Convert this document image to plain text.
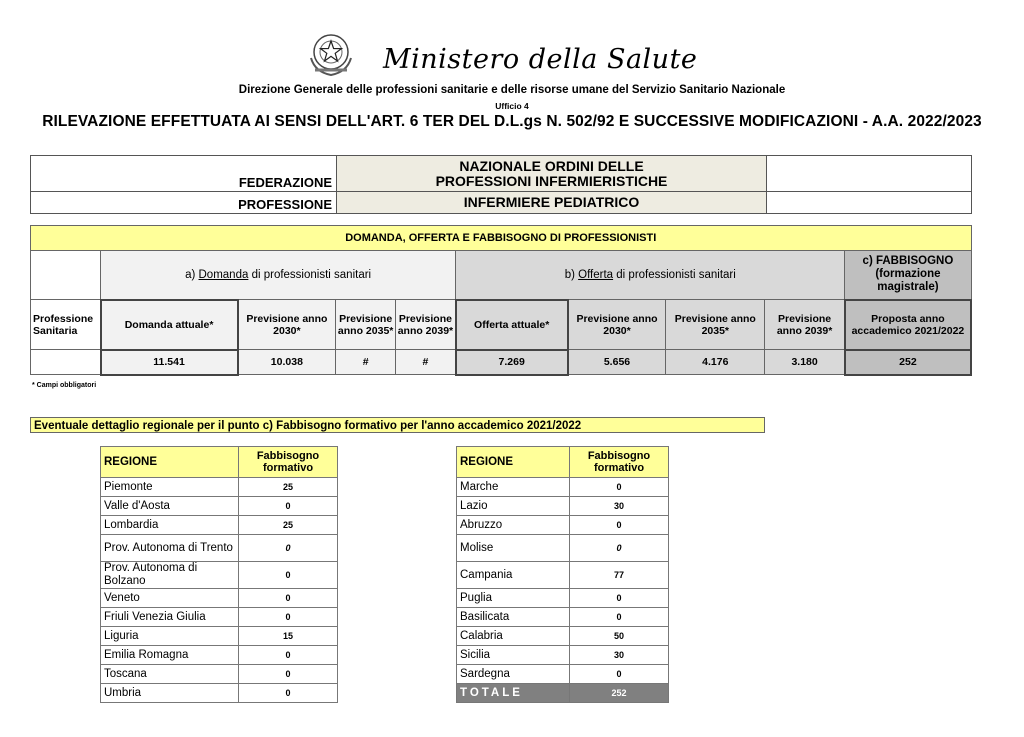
Ministero della Salute
Direzione Generale delle professioni sanitarie e delle risorse umane del Servizio Sanitario Nazionale
Ufficio 4
RILEVAZIONE EFFETTUATA AI SENSI DELL'ART. 6 TER DEL D.L.gs N. 502/92 E SUCCESSIVE MODIFICAZIONI - A.A. 2022/2023
FEDERAZIONE	NAZIONALE ORDINI DELLE PROFESSIONI INFERMIERISTICHE	
PROFESSIONE	INFERMIERE PEDIATRICO	
DOMANDA, OFFERTA E FABBISOGNO DI PROFESSIONISTI									
	a) Domanda di professionisti sanitari				b) Offerta di professionisti sanitari				c) FABBISOGNO (formazione magistrale)
Professione Sanitaria	Domanda attuale*	Previsione anno 2030*	Previsione anno 2035*	Previsione anno 2039*	Offerta attuale*	Previsione anno 2030*	Previsione anno 2035*	Previsione anno 2039*	Proposta anno accademico 2021/2022
	11.541	10.038	#	#	7.269	5.656	4.176	3.180	252
* Campi obbligatori
Eventuale dettaglio regionale per il punto c) Fabbisogno formativo per l'anno accademico 2021/2022
REGIONE	Fabbisogno formativo
Piemonte	25
Valle d'Aosta	0
Lombardia	25
Prov. Autonoma di Trento	0
Prov. Autonoma di Bolzano	0
Veneto	0
Friuli Venezia Giulia	0
Liguria	15
Emilia Romagna	0
Toscana	0
Umbria	0
REGIONE	Fabbisogno formativo
Marche	0
Lazio	30
Abruzzo	0
Molise	0
Campania	77
Puglia	0
Basilicata	0
Calabria	50
Sicilia	30
Sardegna	0
TOTALE	252
